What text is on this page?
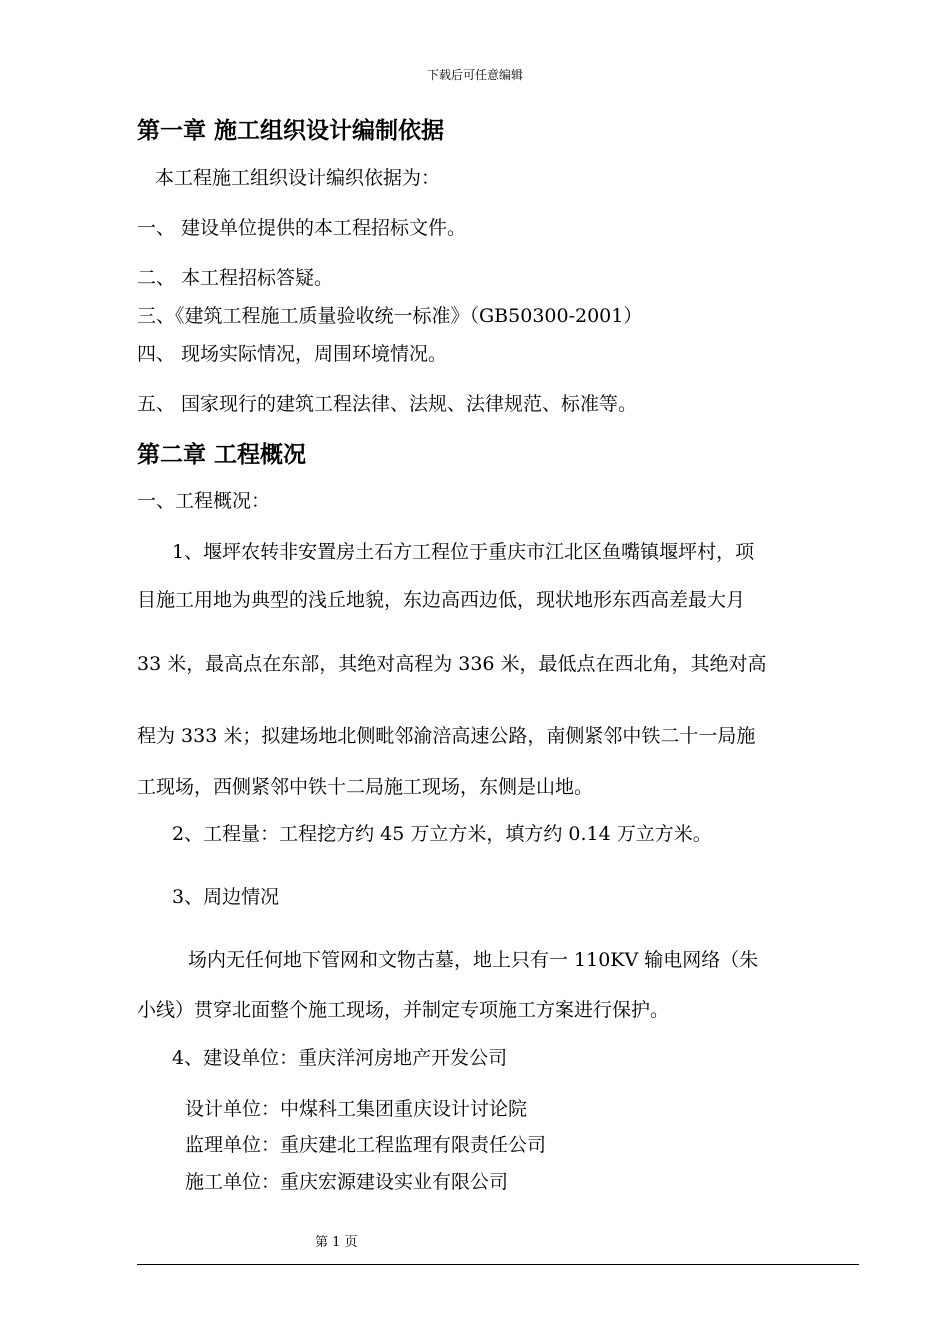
下载后可任意编辑
第一章 施工组织设计编制依据
本工程施工组织设计编织依据为：
一、 建设单位提供的本工程招标文件。
二、 本工程招标答疑。
三、《建筑工程施工质量验收统一标准》（GB50300-2001）
四、 现场实际情况，周围环境情况。
五、 国家现行的建筑工程法律、法规、法律规范、标准等。
第二章 工程概况
一、工程概况：
1、堰坪农转非安置房土石方工程位于重庆市江北区鱼嘴镇堰坪村，项
目施工用地为典型的浅丘地貌，东边高西边低，现状地形东西高差最大月
33 米，最高点在东部，其绝对高程为 336 米，最低点在西北角，其绝对高
程为 333 米；拟建场地北侧毗邻渝涪高速公路，南侧紧邻中铁二十一局施
工现场，西侧紧邻中铁十二局施工现场，东侧是山地。
2、工程量：工程挖方约 45 万立方米，填方约 0.14 万立方米。
3、周边情况
场内无任何地下管网和文物古墓，地上只有一 110KV 输电网络（朱
小线）贯穿北面整个施工现场，并制定专项施工方案进行保护。
4、建设单位：重庆洋河房地产开发公司
设计单位：中煤科工集团重庆设计讨论院
监理单位：重庆建北工程监理有限责任公司
施工单位：重庆宏源建设实业有限公司
第 1 页
